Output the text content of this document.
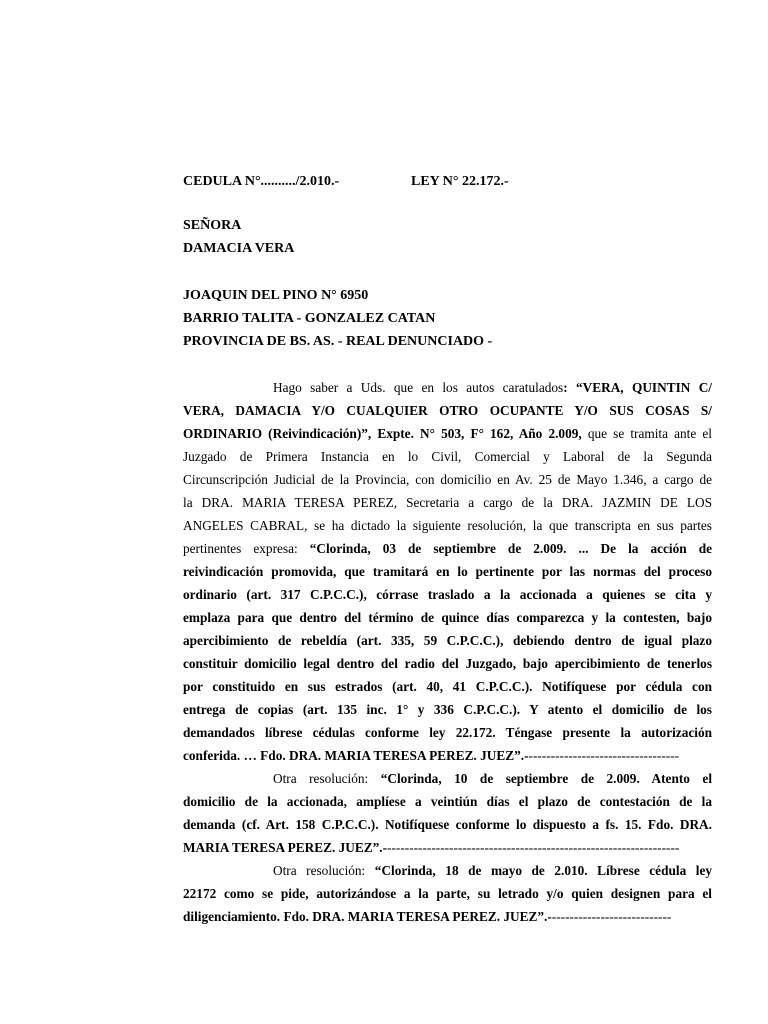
CEDULA N°........../2.010.-	LEY N° 22.172.-
SEÑORA
DAMACIA VERA
JOAQUIN DEL PINO N° 6950
BARRIO TALITA - GONZALEZ CATAN
PROVINCIA DE BS. AS. - REAL DENUNCIADO -
Hago saber a Uds. que en los autos caratulados: “VERA, QUINTIN C/
VERA, DAMACIA Y/O CUALQUIER OTRO OCUPANTE Y/O SUS COSAS S/
ORDINARIO (Reivindicación)”, Expte. N° 503, F° 162, Año 2.009, que se tramita ante el
Juzgado de Primera Instancia en lo Civil, Comercial y Laboral de la Segunda
Circunscripción Judicial de la Provincia, con domicilio en Av. 25 de Mayo 1.346, a cargo de
la DRA. MARIA TERESA PEREZ, Secretaria a cargo de la DRA. JAZMIN DE LOS
ANGELES CABRAL, se ha dictado la siguiente resolución, la que transcripta en sus partes
pertinentes expresa: “Clorinda, 03 de septiembre de 2.009. ... De la acción de
reivindicación promovida, que tramitará en lo pertinente por las normas del proceso
ordinario (art. 317 C.P.C.C.), córrase traslado a la accionada a quienes se cita y
emplaza para que dentro del término de quince días comparezca y la contesten, bajo
apercibimiento de rebeldía (art. 335, 59 C.P.C.C.), debiendo dentro de igual plazo
constituir domicilio legal dentro del radio del Juzgado, bajo apercibimiento de tenerlos
por constituido en sus estrados (art. 40, 41 C.P.C.C.). Notifíquese por cédula con
entrega de copias (art. 135 inc. 1° y 336 C.P.C.C.). Y atento el domicilio de los
demandados líbrese cédulas conforme ley 22.172. Téngase presente la autorización
conferida. … Fdo. DRA. MARIA TERESA PEREZ. JUEZ”.-----------------------------------
Otra resolución: “Clorinda, 10 de septiembre de 2.009. Atento el
domicilio de la accionada, amplíese a veintiún días el plazo de contestación de la
demanda (cf. Art. 158 C.P.C.C.). Notifíquese conforme lo dispuesto a fs. 15. Fdo. DRA.
MARIA TERESA PEREZ. JUEZ”.-------------------------------------------------------------------
Otra resolución: “Clorinda, 18 de mayo de 2.010. Líbrese cédula ley
22172 como se pide, autorizándose a la parte, su letrado y/o quien designen para el
diligenciamiento. Fdo. DRA. MARIA TERESA PEREZ. JUEZ”.----------------------------
